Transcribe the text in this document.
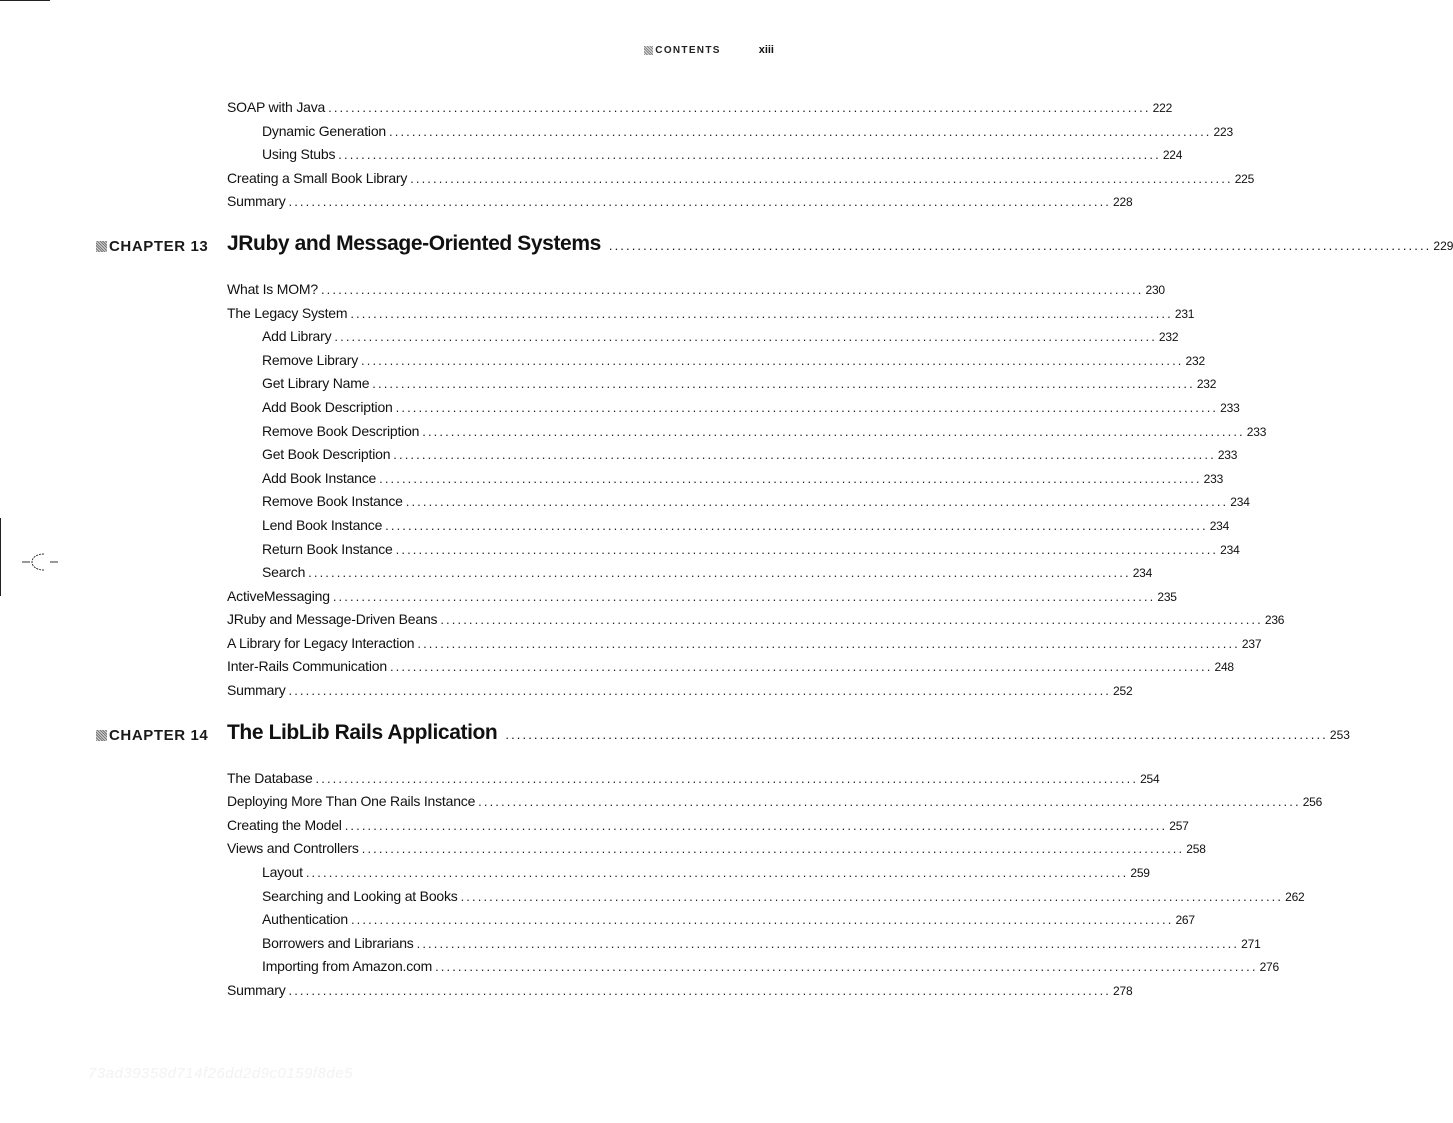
CONTENTS	xiii
SOAP with Java ................................................................................................................................................ 222
Dynamic Generation ................................................................................................................................................ 223
Using Stubs ................................................................................................................................................ 224
Creating a Small Book Library ................................................................................................................................................ 225
Summary ................................................................................................................................................ 228
CHAPTER 13 JRuby and Message-Oriented Systems ................................................................................................................................................ 229
What Is MOM? ................................................................................................................................................ 230
The Legacy System ................................................................................................................................................ 231
Add Library ................................................................................................................................................ 232
Remove Library ................................................................................................................................................ 232
Get Library Name ................................................................................................................................................ 232
Add Book Description ................................................................................................................................................ 233
Remove Book Description ................................................................................................................................................ 233
Get Book Description ................................................................................................................................................ 233
Add Book Instance ................................................................................................................................................ 233
Remove Book Instance ................................................................................................................................................ 234
Lend Book Instance ................................................................................................................................................ 234
Return Book Instance ................................................................................................................................................ 234
Search ................................................................................................................................................ 234
ActiveMessaging ................................................................................................................................................ 235
JRuby and Message-Driven Beans ................................................................................................................................................ 236
A Library for Legacy Interaction ................................................................................................................................................ 237
Inter-Rails Communication ................................................................................................................................................ 248
Summary ................................................................................................................................................ 252
CHAPTER 14 The LibLib Rails Application ................................................................................................................................................ 253
The Database ................................................................................................................................................ 254
Deploying More Than One Rails Instance ................................................................................................................................................ 256
Creating the Model ................................................................................................................................................ 257
Views and Controllers ................................................................................................................................................ 258
Layout ................................................................................................................................................ 259
Searching and Looking at Books ................................................................................................................................................ 262
Authentication ................................................................................................................................................ 267
Borrowers and Librarians ................................................................................................................................................ 271
Importing from Amazon.com ................................................................................................................................................ 276
Summary ................................................................................................................................................ 278
73ad39358d714f26dd2d9c0159f8de5
